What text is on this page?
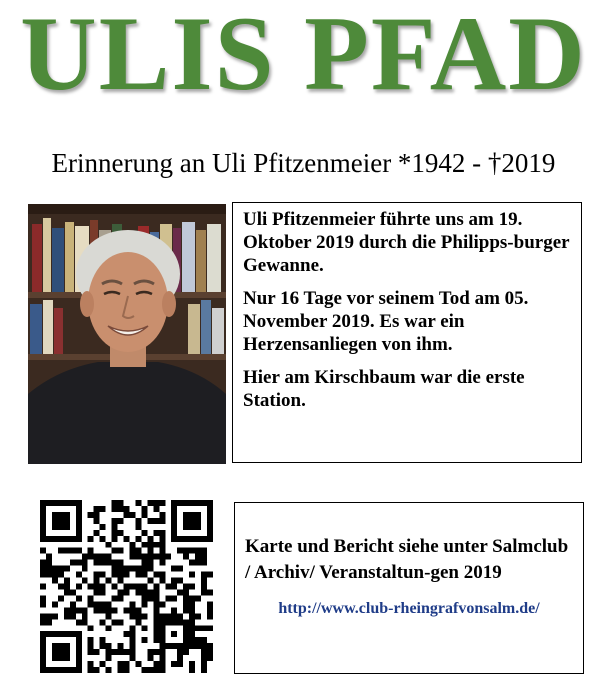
ULIS PFAD
Erinnerung an Uli Pfitzenmeier *1942 - †2019

Uli Pfitzenmeier führte uns am 19. Oktober 2019 durch die Philipps-burger Gewanne.

Nur 16 Tage vor seinem Tod am 05. November 2019. Es war ein Herzensanliegen von ihm.

Hier am Kirschbaum war die erste Station.

Karte und Bericht siehe unter Salmclub / Archiv/ Veranstaltun-gen 2019

http://www.club-rheingrafvonsalm.de/
